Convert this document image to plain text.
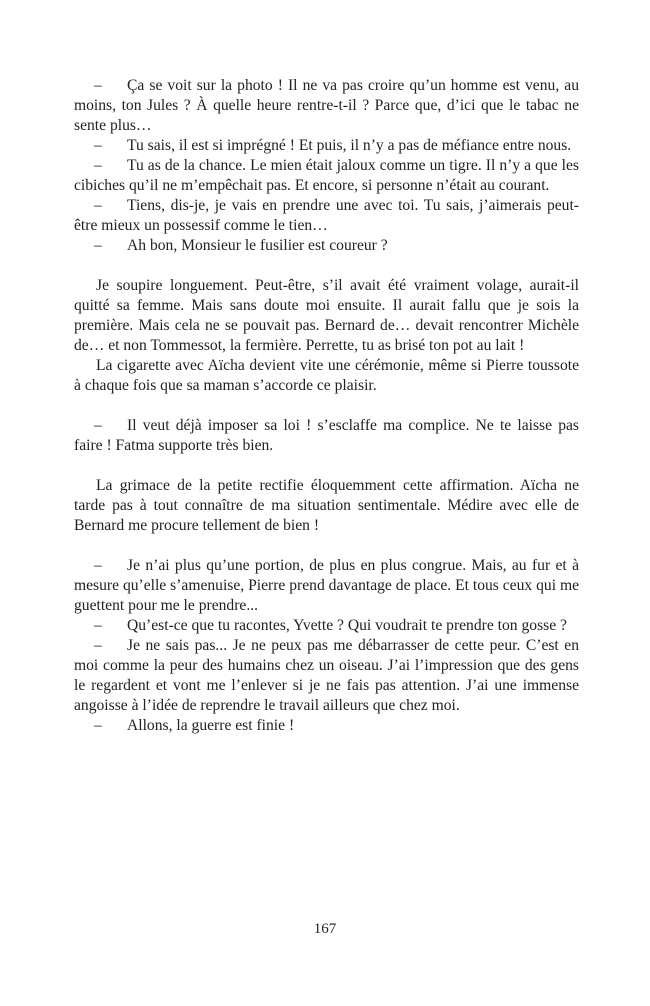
– Ça se voit sur la photo ! Il ne va pas croire qu’un homme est venu, au moins, ton Jules ? À quelle heure rentre-t-il ? Parce que, d’ici que le tabac ne sente plus…

– Tu sais, il est si imprégné ! Et puis, il n’y a pas de méfiance entre nous.

– Tu as de la chance. Le mien était jaloux comme un tigre. Il n’y a que les cibiches qu’il ne m’empêchait pas. Et encore, si personne n’était au courant.

– Tiens, dis-je, je vais en prendre une avec toi. Tu sais, j’aimerais peut-être mieux un possessif comme le tien…

– Ah bon, Monsieur le fusilier est coureur ?

Je soupire longuement. Peut-être, s’il avait été vraiment volage, aurait-il quitté sa femme. Mais sans doute moi ensuite. Il aurait fallu que je sois la première. Mais cela ne se pouvait pas. Bernard de… devait rencontrer Michèle de… et non Tommessot, la fermière. Perrette, tu as brisé ton pot au lait !

La cigarette avec Aïcha devient vite une cérémonie, même si Pierre toussote à chaque fois que sa maman s’accorde ce plaisir.

– Il veut déjà imposer sa loi ! s’esclaffe ma complice. Ne te laisse pas faire ! Fatma supporte très bien.

La grimace de la petite rectifie éloquemment cette affirmation. Aïcha ne tarde pas à tout connaître de ma situation sentimentale. Médire avec elle de Bernard me procure tellement de bien !

– Je n’ai plus qu’une portion, de plus en plus congrue. Mais, au fur et à mesure qu’elle s’amenuise, Pierre prend davantage de place. Et tous ceux qui me guettent pour me le prendre...

– Qu’est-ce que tu racontes, Yvette ? Qui voudrait te prendre ton gosse ?

– Je ne sais pas... Je ne peux pas me débarrasser de cette peur. C’est en moi comme la peur des humains chez un oiseau. J’ai l’impression que des gens le regardent et vont me l’enlever si je ne fais pas attention. J’ai une immense angoisse à l’idée de reprendre le travail ailleurs que chez moi.

– Allons, la guerre est finie !

167
